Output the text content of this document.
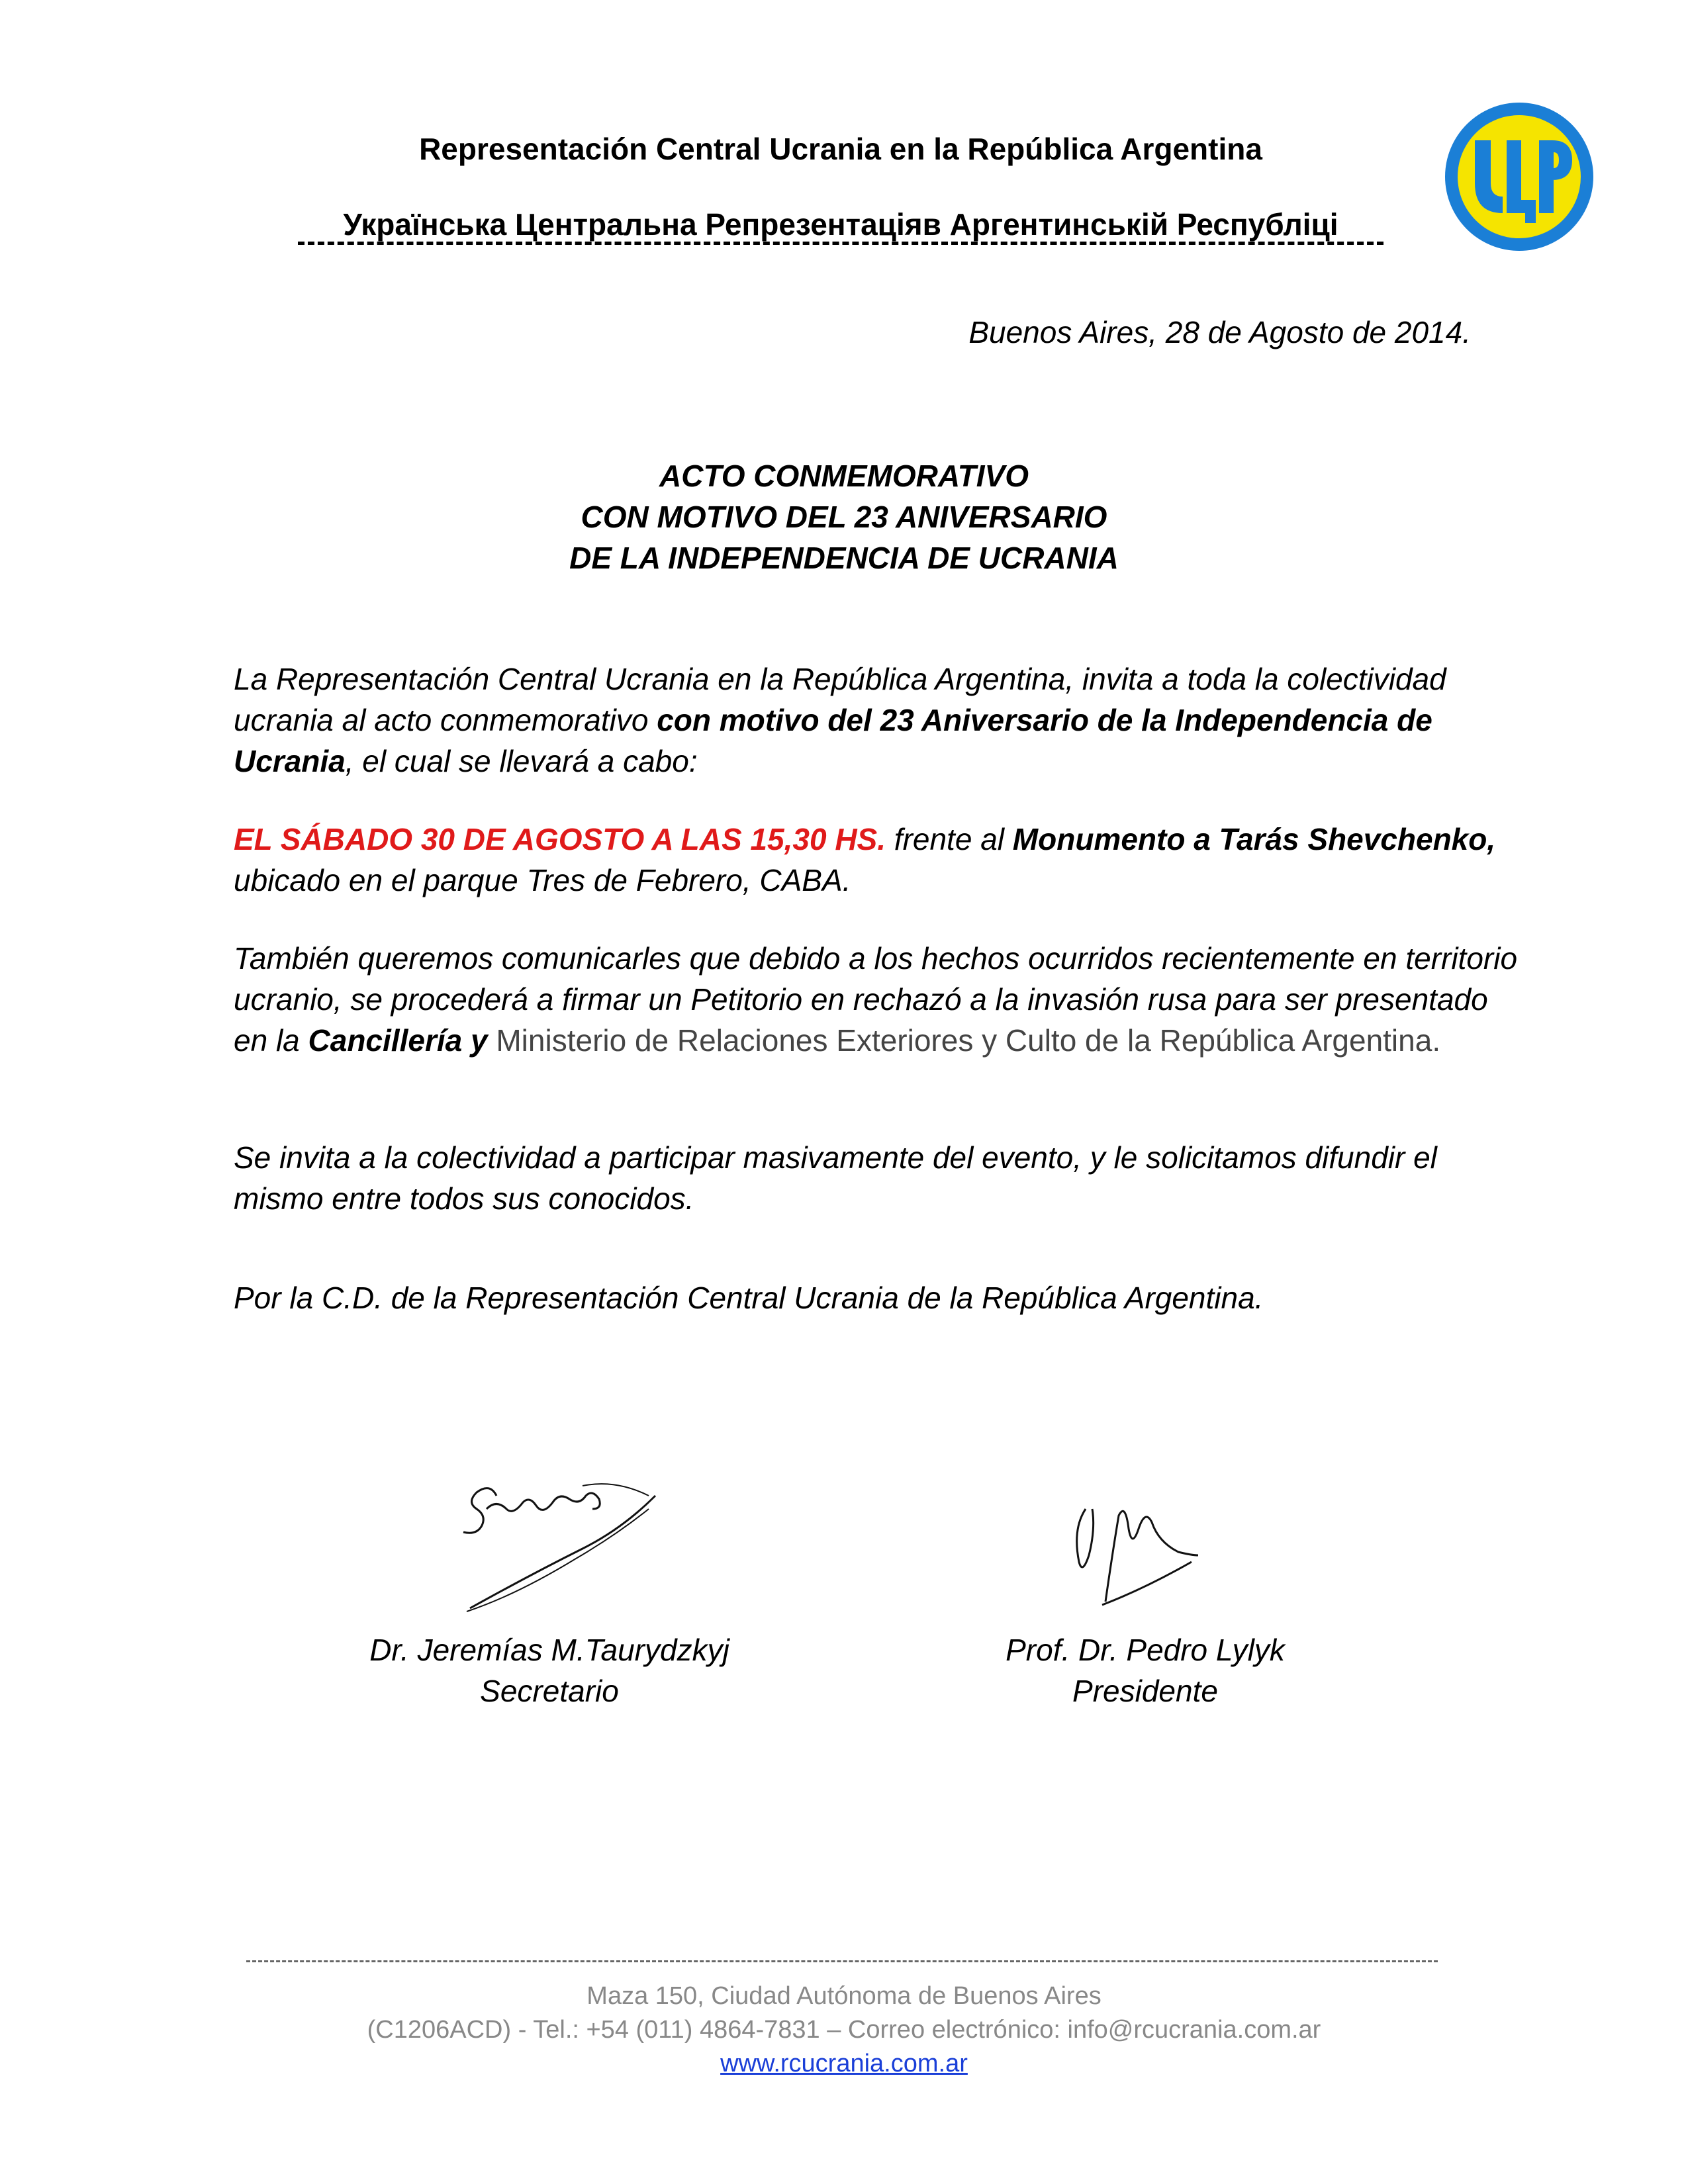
Representación Central Ucrania en la República Argentina
Українська Центральна Репрезентаціяв Аргентинській Республіці
Buenos Aires, 28 de Agosto de 2014.
ACTO CONMEMORATIVO
CON MOTIVO DEL 23 ANIVERSARIO
DE LA INDEPENDENCIA DE UCRANIA
La Representación Central Ucrania en la República Argentina, invita a toda la colectividad ucrania al acto conmemorativo con motivo del 23 Aniversario de la Independencia de Ucrania, el cual se llevará a cabo:
EL SÁBADO 30 DE AGOSTO A LAS 15,30 HS. frente al Monumento a Tarás Shevchenko,
ubicado en el parque Tres de Febrero, CABA.
También queremos comunicarles que debido a los hechos ocurridos recientemente en territorio ucranio, se procederá a firmar un Petitorio en rechazó a la invasión rusa para ser presentado en la Cancillería y Ministerio de Relaciones Exteriores y Culto de la República Argentina.
Se invita a la colectividad a participar masivamente del evento, y le solicitamos difundir el mismo entre todos sus conocidos.
Por la C.D. de la Representación Central Ucrania de la República Argentina.
Dr. Jeremías M.Taurydzkyj
Secretario
Prof. Dr. Pedro Lylyk
Presidente
Maza 150, Ciudad Autónoma de Buenos Aires
(C1206ACD) - Tel.: +54 (011) 4864-7831 – Correo electrónico: info@rcucrania.com.ar
www.rcucrania.com.ar
